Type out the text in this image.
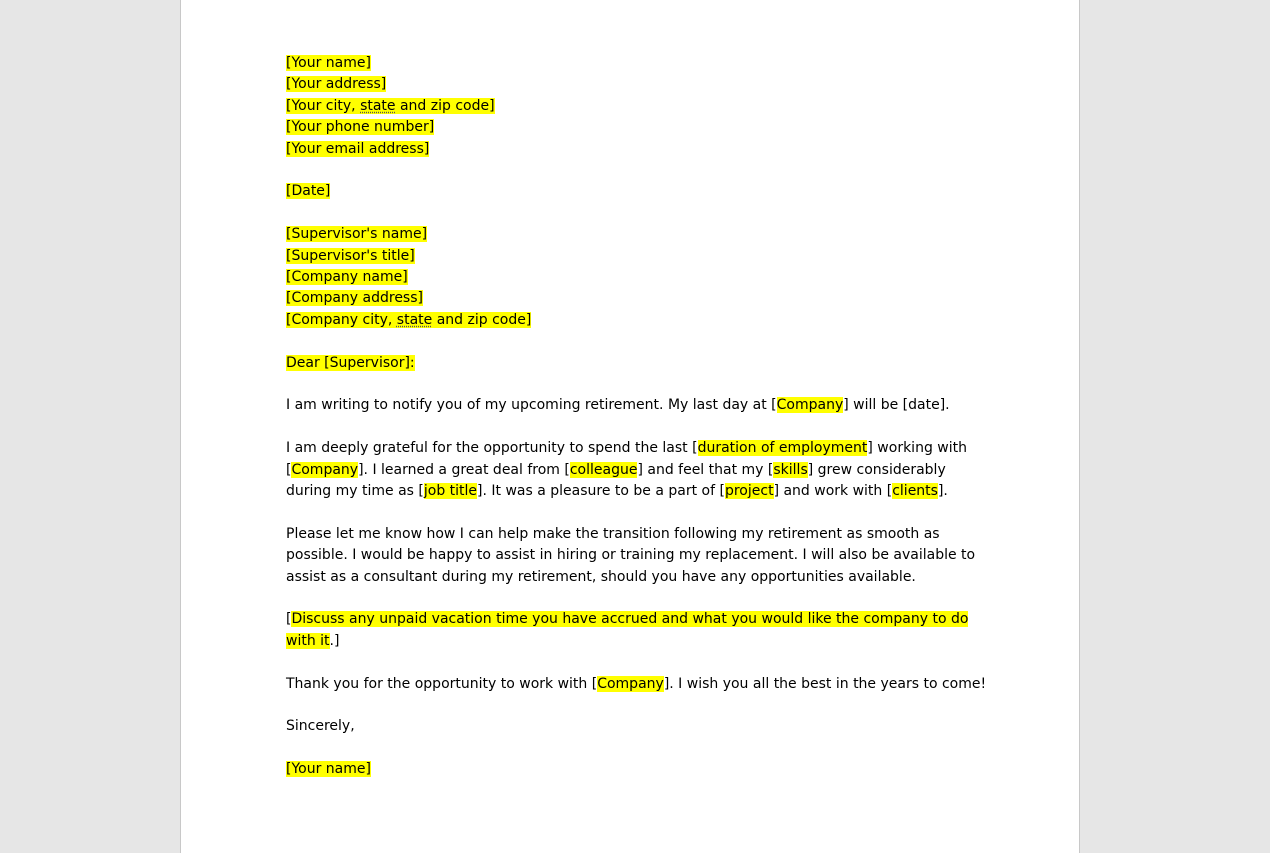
[Your name]
[Your address]
[Your city, state and zip code]
[Your phone number]
[Your email address]
[Date]
[Supervisor's name]
[Supervisor's title]
[Company name]
[Company address]
[Company city, state and zip code]
Dear [Supervisor]:
I am writing to notify you of my upcoming retirement. My last day at [Company] will be [date].
I am deeply grateful for the opportunity to spend the last [duration of employment] working with [Company]. I learned a great deal from [colleague] and feel that my [skills] grew considerably during my time as [job title]. It was a pleasure to be a part of [project] and work with [clients].
Please let me know how I can help make the transition following my retirement as smooth as possible. I would be happy to assist in hiring or training my replacement. I will also be available to assist as a consultant during my retirement, should you have any opportunities available.
[Discuss any unpaid vacation time you have accrued and what you would like the company to do with it.]
Thank you for the opportunity to work with [Company]. I wish you all the best in the years to come!
Sincerely,
[Your name]
